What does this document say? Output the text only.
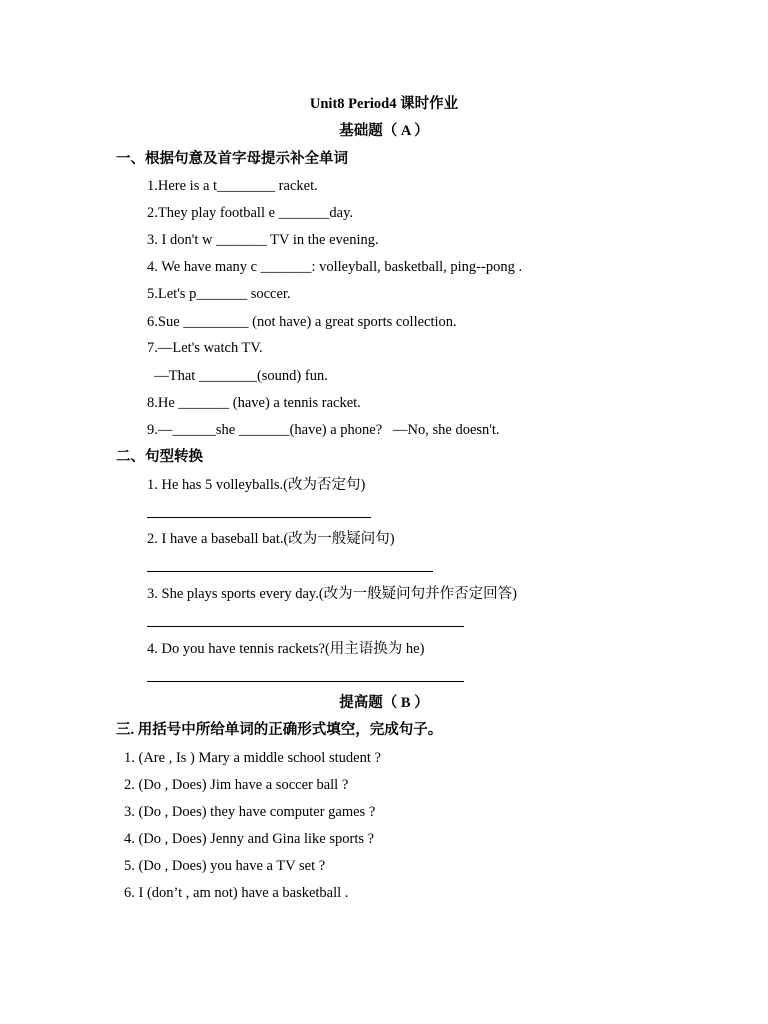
Unit8 Period4 课时作业
基础题（ A ）
一、根据句意及首字母提示补全单词
1.Here is a t________ racket.
2.They play football e _______day.
3. I don't w _______ TV in the evening.
4. We have many c _______: volleyball, basketball, ping--pong .
5.Let's p_______ soccer.
6.Sue _________ (not have) a great sports collection.
7.—Let's watch TV.
—That ________(sound) fun.
8.He _______ (have) a tennis racket.
9.—______she _______(have) a phone?   —No, she doesn't.
二、句型转换
1. He has 5 volleyballs.(改为否定句)
2. I have a baseball bat.(改为一般疑问句)
3. She plays sports every day.(改为一般疑问句并作否定回答)
4. Do you have tennis rackets?(用主语换为 he)
提高题（ B ）
三. 用括号中所给单词的正确形式填空，完成句子。
1. (Are , Is ) Mary a middle school student ?
2. (Do , Does) Jim have a soccer ball ?
3. (Do , Does) they have computer games ?
4. (Do , Does) Jenny and Gina like sports ?
5. (Do , Does) you have a TV set ?
6. I (don’t , am not) have a basketball .
